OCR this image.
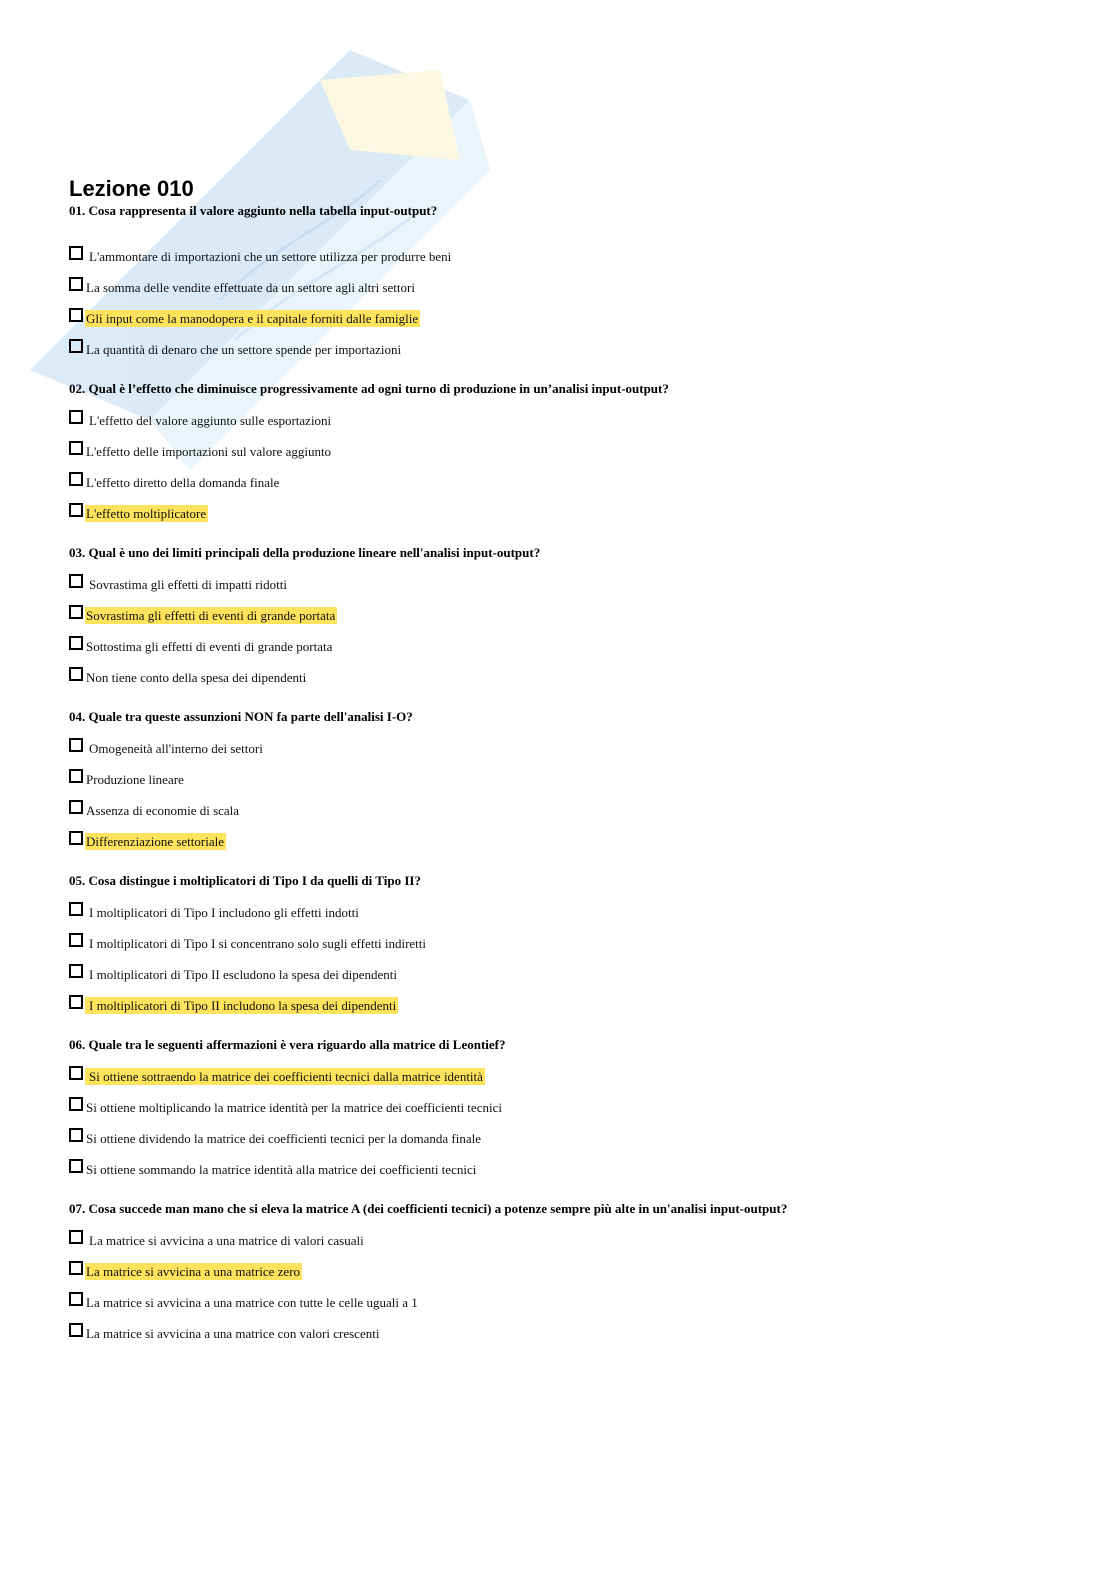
Lezione 010
01. Cosa rappresenta il valore aggiunto nella tabella input-output?
L'ammontare di importazioni che un settore utilizza per produrre beni
La somma delle vendite effettuate da un settore agli altri settori
Gli input come la manodopera e il capitale forniti dalle famiglie
La quantità di denaro che un settore spende per importazioni
02. Qual è l’effetto che diminuisce progressivamente ad ogni turno di produzione in un’analisi input-output?
L'effetto del valore aggiunto sulle esportazioni
L'effetto delle importazioni sul valore aggiunto
L'effetto diretto della domanda finale
L'effetto moltiplicatore
03. Qual è uno dei limiti principali della produzione lineare nell'analisi input-output?
Sovrastima gli effetti di impatti ridotti
Sovrastima gli effetti di eventi di grande portata
Sottostima gli effetti di eventi di grande portata
Non tiene conto della spesa dei dipendenti
04. Quale tra queste assunzioni NON fa parte dell'analisi I-O?
Omogeneità all'interno dei settori
Produzione lineare
Assenza di economie di scala
Differenziazione settoriale
05. Cosa distingue i moltiplicatori di Tipo I da quelli di Tipo II?
I moltiplicatori di Tipo I includono gli effetti indotti
I moltiplicatori di Tipo I si concentrano solo sugli effetti indiretti
I moltiplicatori di Tipo II escludono la spesa dei dipendenti
I moltiplicatori di Tipo II includono la spesa dei dipendenti
06. Quale tra le seguenti affermazioni è vera riguardo alla matrice di Leontief?
Si ottiene sottraendo la matrice dei coefficienti tecnici dalla matrice identità
Si ottiene moltiplicando la matrice identità per la matrice dei coefficienti tecnici
Si ottiene dividendo la matrice dei coefficienti tecnici per la domanda finale
Si ottiene sommando la matrice identità alla matrice dei coefficienti tecnici
07. Cosa succede man mano che si eleva la matrice A (dei coefficienti tecnici) a potenze sempre più alte in un'analisi input-output?
La matrice si avvicina a una matrice di valori casuali
La matrice si avvicina a una matrice zero
La matrice si avvicina a una matrice con tutte le celle uguali a 1
La matrice si avvicina a una matrice con valori crescenti
